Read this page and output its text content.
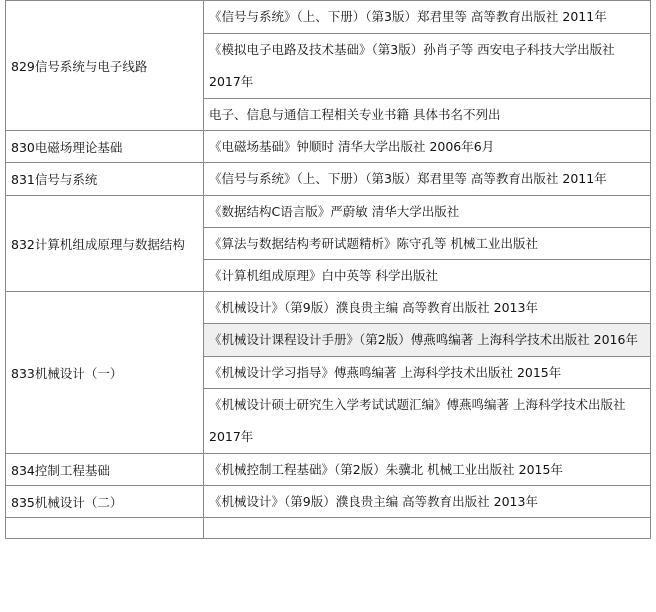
829信号系统与电子线路	《信号与系统》（上、下册）（第3版）郑君里等 高等教育出版社 2011年
	《模拟电子电路及技术基础》（第3版）孙肖子等 西安电子科技大学出版社 2017年
	电子、信息与通信工程相关专业书籍 具体书名不列出
830电磁场理论基础	《电磁场基础》钟顺时 清华大学出版社 2006年6月
831信号与系统	《信号与系统》（上、下册）（第3版）郑君里等 高等教育出版社 2011年
832计算机组成原理与数据结构	《数据结构C语言版》严蔚敏 清华大学出版社
	《算法与数据结构考研试题精析》陈守孔等 机械工业出版社
	《计算机组成原理》白中英等 科学出版社
833机械设计（一）	《机械设计》（第9版）濮良贵主编 高等教育出版社 2013年
	《机械设计课程设计手册》（第2版）傅燕鸣编著 上海科学技术出版社 2016年
	《机械设计学习指导》傅燕鸣编著 上海科学技术出版社 2015年
	《机械设计硕士研究生入学考试试题汇编》傅燕鸣编著 上海科学技术出版社 2017年
834控制工程基础	《机械控制工程基础》（第2版）朱骥北 机械工业出版社 2015年
835机械设计（二）	《机械设计》（第9版）濮良贵主编 高等教育出版社 2013年
